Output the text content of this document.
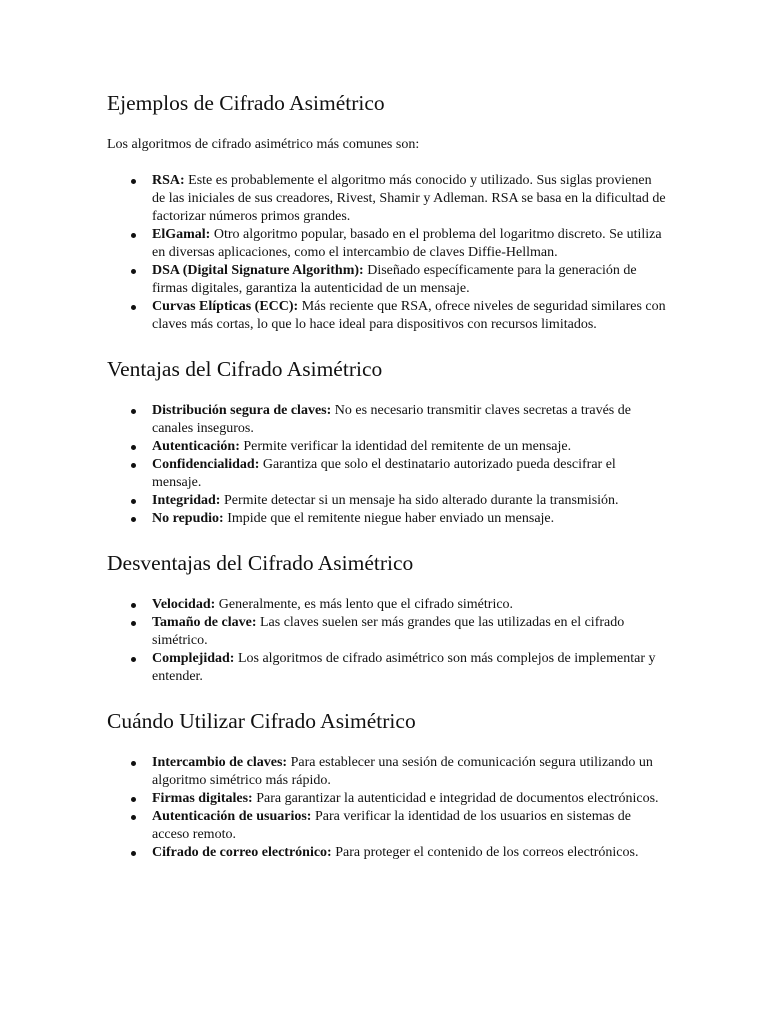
Ejemplos de Cifrado Asimétrico

Los algoritmos de cifrado asimétrico más comunes son:

RSA: Este es probablemente el algoritmo más conocido y utilizado. Sus siglas provienen de las iniciales de sus creadores, Rivest, Shamir y Adleman. RSA se basa en la dificultad de factorizar números primos grandes.
ElGamal: Otro algoritmo popular, basado en el problema del logaritmo discreto. Se utiliza en diversas aplicaciones, como el intercambio de claves Diffie-Hellman.
DSA (Digital Signature Algorithm): Diseñado específicamente para la generación de firmas digitales, garantiza la autenticidad de un mensaje.
Curvas Elípticas (ECC): Más reciente que RSA, ofrece niveles de seguridad similares con claves más cortas, lo que lo hace ideal para dispositivos con recursos limitados.
Ventajas del Cifrado Asimétrico
Distribución segura de claves: No es necesario transmitir claves secretas a través de canales inseguros.
Autenticación: Permite verificar la identidad del remitente de un mensaje.
Confidencialidad: Garantiza que solo el destinatario autorizado pueda descifrar el mensaje.
Integridad: Permite detectar si un mensaje ha sido alterado durante la transmisión.
No repudio: Impide que el remitente niegue haber enviado un mensaje.
Desventajas del Cifrado Asimétrico
Velocidad: Generalmente, es más lento que el cifrado simétrico.
Tamaño de clave: Las claves suelen ser más grandes que las utilizadas en el cifrado simétrico.
Complejidad: Los algoritmos de cifrado asimétrico son más complejos de implementar y entender.
Cuándo Utilizar Cifrado Asimétrico
Intercambio de claves: Para establecer una sesión de comunicación segura utilizando un algoritmo simétrico más rápido.
Firmas digitales: Para garantizar la autenticidad e integridad de documentos electrónicos.
Autenticación de usuarios: Para verificar la identidad de los usuarios en sistemas de acceso remoto.
Cifrado de correo electrónico: Para proteger el contenido de los correos electrónicos.
